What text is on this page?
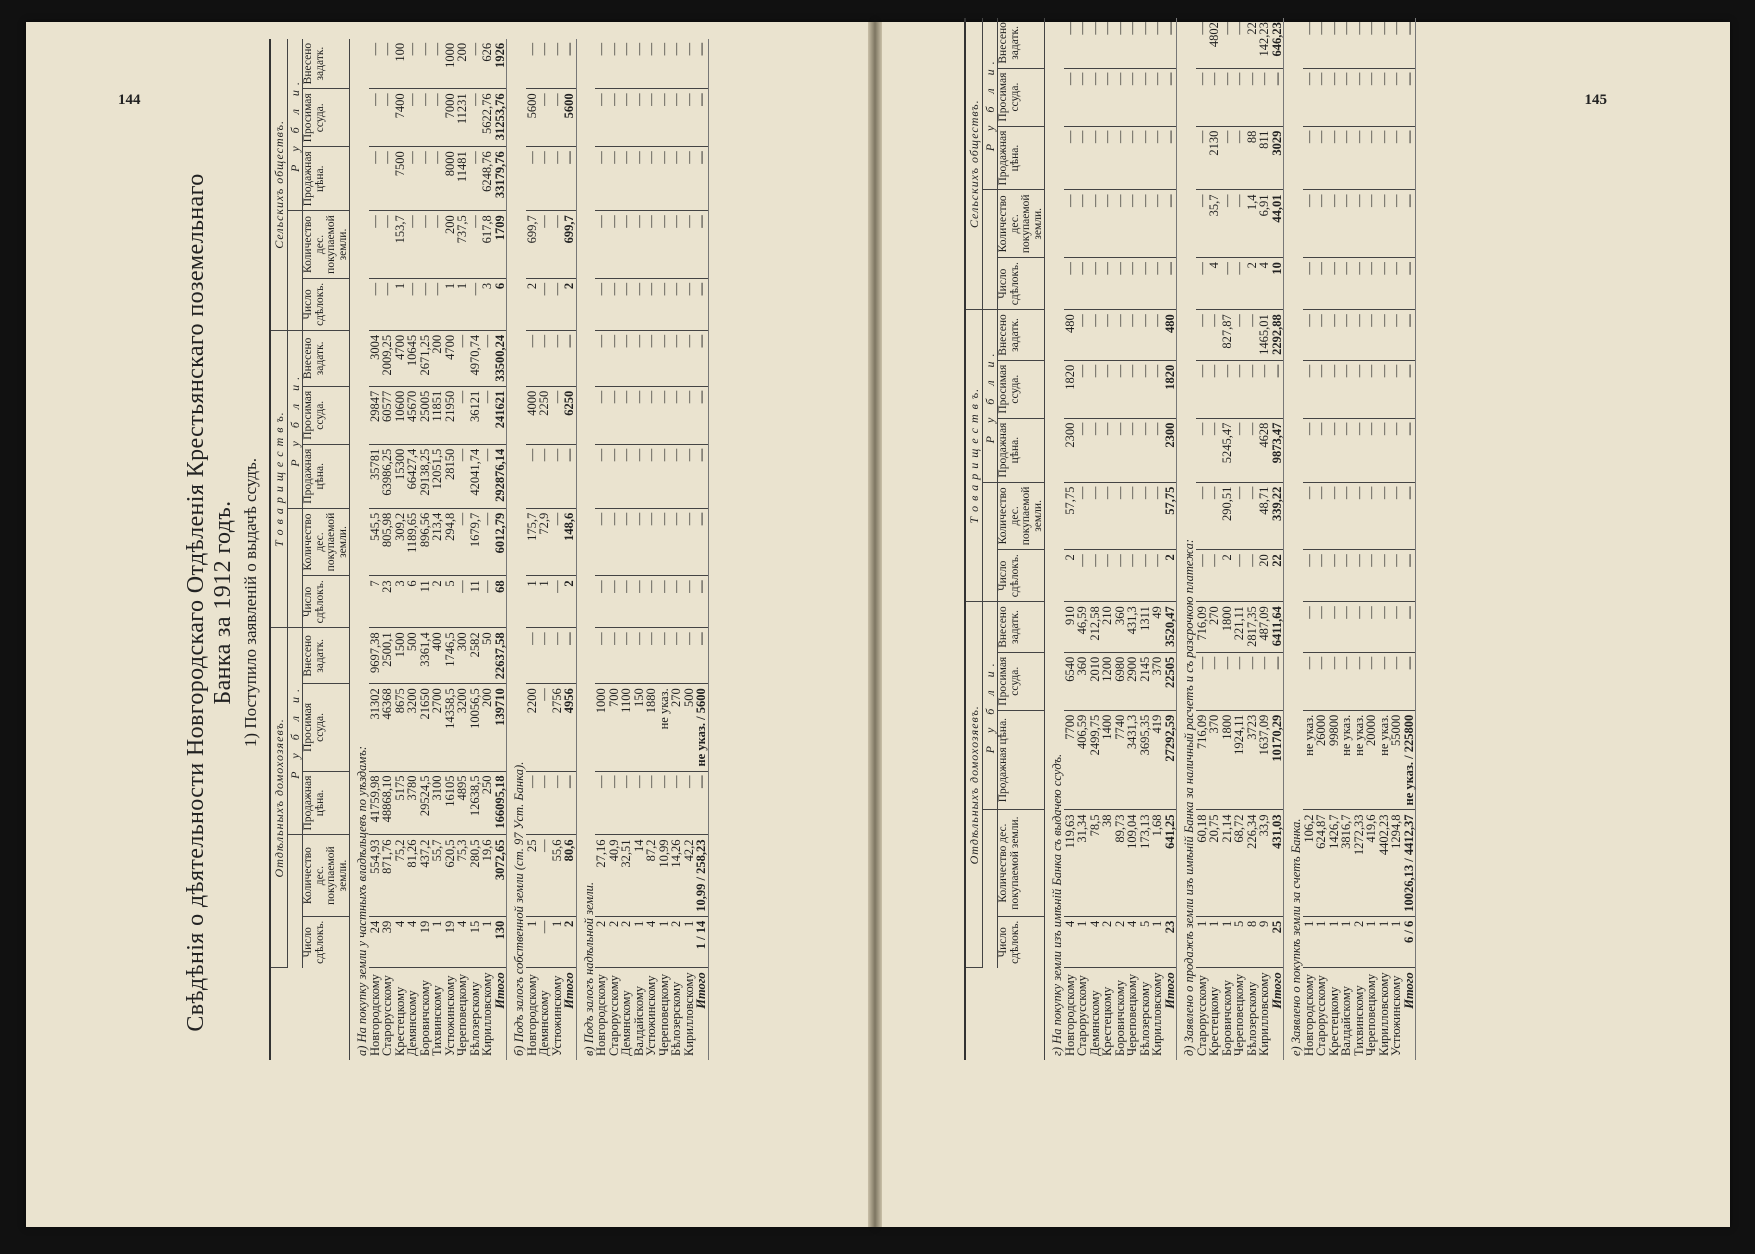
144	145
Свѣдѣнія о дѣятельности Новгородскаго Отдѣленія Крестьянскаго поземельнаго Банка за 1912 годъ. 1) Поступило заявленій о выдачѣ ссудъ.
	Отдѣльныхъ домохозяевъ.					Т о в а р и щ е с т в ъ.					Сельскихъ обществъ.				
			Р у б л и.					Р у б л и.					Р у б л и.		
	Число сдѣлокъ.	Количество дес. покупаемой земли.	Продажная цѣна.	Просимая ссуда.	Внесено задатк.	Число сдѣлокъ.	Количество дес. покупаемой земли.	Продажная цѣна.	Просимая ссуда.	Внесено задатк.	Число сдѣлокъ.	Количество дес. покупаемой земли.	Продажная цѣна.	Просимая ссуда.	Внесено задатк.
а) На покупку земли у частныхъ владѣльцевъ по уѣздамъ:															
Новгородскому	24	554,93	41759,98	31302	9697,38	7	545,5	35781	29847	3004	—	—	—	—	—
Старорусскому	39	871,76	48868,10	46368	2500,1	23	805,98	63986,25	60577	2009,25	—	—	—	—	—
Крестецкому	4	75,2	5175	8675	1500	3	309,2	15300	10600	4700	1	153,7	7500	7400	100
Демянскому	4	81,26	3780	3200	500	6	1189,65	66427,4	45670	10645	—	—	—	—	—
Боровичскому	19	437,2	29524,5	21650	3361,4	11	896,56	29138,25	25005	2671,25	—	—	—	—	—
Тихвинскому	1	55,7	3100	2700	400	2	213,4	12051,5	11851	200	—	—	—	—	—
Устюжинскому	19	620,5	16105	14358,5	1746,5	5	294,8	28150	21950	4700	1	200	8000	7000	1000
Череповецкому	4	75,3	4895	3200	300	—	—	—	—	—	1	737,5	11481	11231	200
Бѣлозерскому	15	280,5	12638,5	10056,5	2582	11	1679,7	42041,74	36121	4970,74	—	—	—	—	—
Кирилловскому	1	19,6	250	200	50	—	—	—	—	—	3	617,8	6248,76	5622,76	626
Итого	130	3072,65	166095,18	139710	22637,58	68	6012,79	292876,14	241621	33500,24	6	1709	33179,76	31253,76	1926
б) Подъ залогъ собственной земли (ст. 97 Уст. Банка).															
Новгородскому	1	25	—	2200	—	1	175,7	—	4000	—	2	699,7	—	5600	—
Демянскому	—	—	—	—	—	1	72,9	—	2250	—	—	—	—	—	—
Устюжинскому	1	55,6	—	2756	—	—	—	—	—	—	—	—	—	—	—
Итого	2	80,6	—	4956	—	2	148,6	—	6250	—	2	699,7	—	5600	—
в) Подъ залогъ надѣльной земли.															
Новгородскому	2	27,16	—	1000	—	—	—	—	—	—	—	—	—	—	—
Старорусскому	2	40,9	—	700	—	—	—	—	—	—	—	—	—	—	—
Демянскому	2	32,51	—	1100	—	—	—	—	—	—	—	—	—	—	—
Валдайскому	1	14	—	150	—	—	—	—	—	—	—	—	—	—	—
Устюжинскому	4	87,2	—	1880	—	—	—	—	—	—	—	—	—	—	—
Череповецкому	1	10,99	—	не указ.	—	—	—	—	—	—	—	—	—	—	—
Бѣлозерскому	2	14,26	—	270	—	—	—	—	—	—	—	—	—	—	—
Кирилловскому	1	42,2	—	500	—	—	—	—	—	—	—	—	—	—	—
Итого	1 / 14	10,99 / 258,23	—	не указ. / 5600	—	—	—	—	—	—	—	—	—	—	—
	Отдѣльныхъ домохозяевъ.					Т о в а р и щ е с т в ъ.					Сельскихъ обществъ.				
			Р у б л и.					Р у б л и.					Р у б л и.		
	Число сдѣлокъ.	Количество дес. покупаемой земли.	Продажная цѣна.	Просимая ссуда.	Внесено задатк.	Число сдѣлокъ.	Количество дес. покупаемой земли.	Продажная цѣна.	Просимая ссуда.	Внесено задатк.	Число сдѣлокъ.	Количество дес. покупаемой земли.	Продажная цѣна.	Просимая ссуда.	Внесено задатк.
г) На покупку земли изъ имѣній Банка съ выдачею ссудъ.															
Новгородскому	4	119,63	7700	6540	910	2	57,75	2300	1820	480	—	—	—	—	—
Старорусскому	1	31,34	406,59	360	46,59	—	—	—	—	—	—	—	—	—	—
Демянскому	4	78,5	2499,75	2010	212,58	—	—	—	—	—	—	—	—	—	—
Крестецкому	2	38	1400	1200	210	—	—	—	—	—	—	—	—	—	—
Боровичскому	2	89,73	7740	6980	360	—	—	—	—	—	—	—	—	—	—
Череповецкому	4	109,04	3431,3	2900	431,3	—	—	—	—	—	—	—	—	—	—
Бѣлозерскому	5	173,13	3695,35	2145	1311	—	—	—	—	—	—	—	—	—	—
Кирилловскому	1	1,68	419	370	49	—	—	—	—	—	—	—	—	—	—
Итого	23	641,25	27292,59	22505	3520,47	2	57,75	2300	1820	480	—	—	—	—	—
д) Заявлено о продажѣ земли изъ имѣній Банка за наличный расчетъ и съ разсрочкою платежа:															
Старорусскому	1	60,18	716,09	—	716,09	—	—	—	—	—	—	—	—	—	—
Крестецкому	1	20,75	370	—	270	—	—	—	—	—	4	35,7	2130	—	4802
Боровичскому	1	21,14	1800	—	1800	2	290,51	5245,47	—	827,87	—	—	—	—	—
Череповецкому	5	68,72	1924,11	—	221,11	—	—	—	—	—	—	—	—	—	—
Бѣлозерскому	8	226,34	3723	—	2817,35	—	—	—	—	—	2	1,4	88	—	22
Кирилловскому	9	33,9	1637,09	—	487,09	20	48,71	4628	—	1465,01	4	6,91	811	—	142,23
Итого	25	431,03	10170,29	—	6411,64	22	339,22	9873,47	—	2292,88	10	44,01	3029	—	646,23
е) Заявлено о покупкѣ земли за счетъ Банка.															
Новгородскому	1	106,2	не указ.	—	—	—	—	—	—	—	—	—	—	—	—
Старорусскому	1	624,87	26000	—	—	—	—	—	—	—	—	—	—	—	—
Крестецкому	1	1426,7	99800	—	—	—	—	—	—	—	—	—	—	—	—
Валдайскому	1	3816,7	не указ.	—	—	—	—	—	—	—	—	—	—	—	—
Тихвинскому	2	1272,33	не указ.	—	—	—	—	—	—	—	—	—	—	—	—
Череповецкому	1	419,6	20000	—	—	—	—	—	—	—	—	—	—	—	—
Кирилловскому	1	4402,23	не указ.	—	—	—	—	—	—	—	—	—	—	—	—
Устюжинскому	1	1294,8	55000	—	—	—	—	—	—	—	—	—	—	—	—
Итого	6 / 6	10026,13 / 4412,37	не указ. / 225800	—	—	—	—	—	—	—	—	—	—	—	—
